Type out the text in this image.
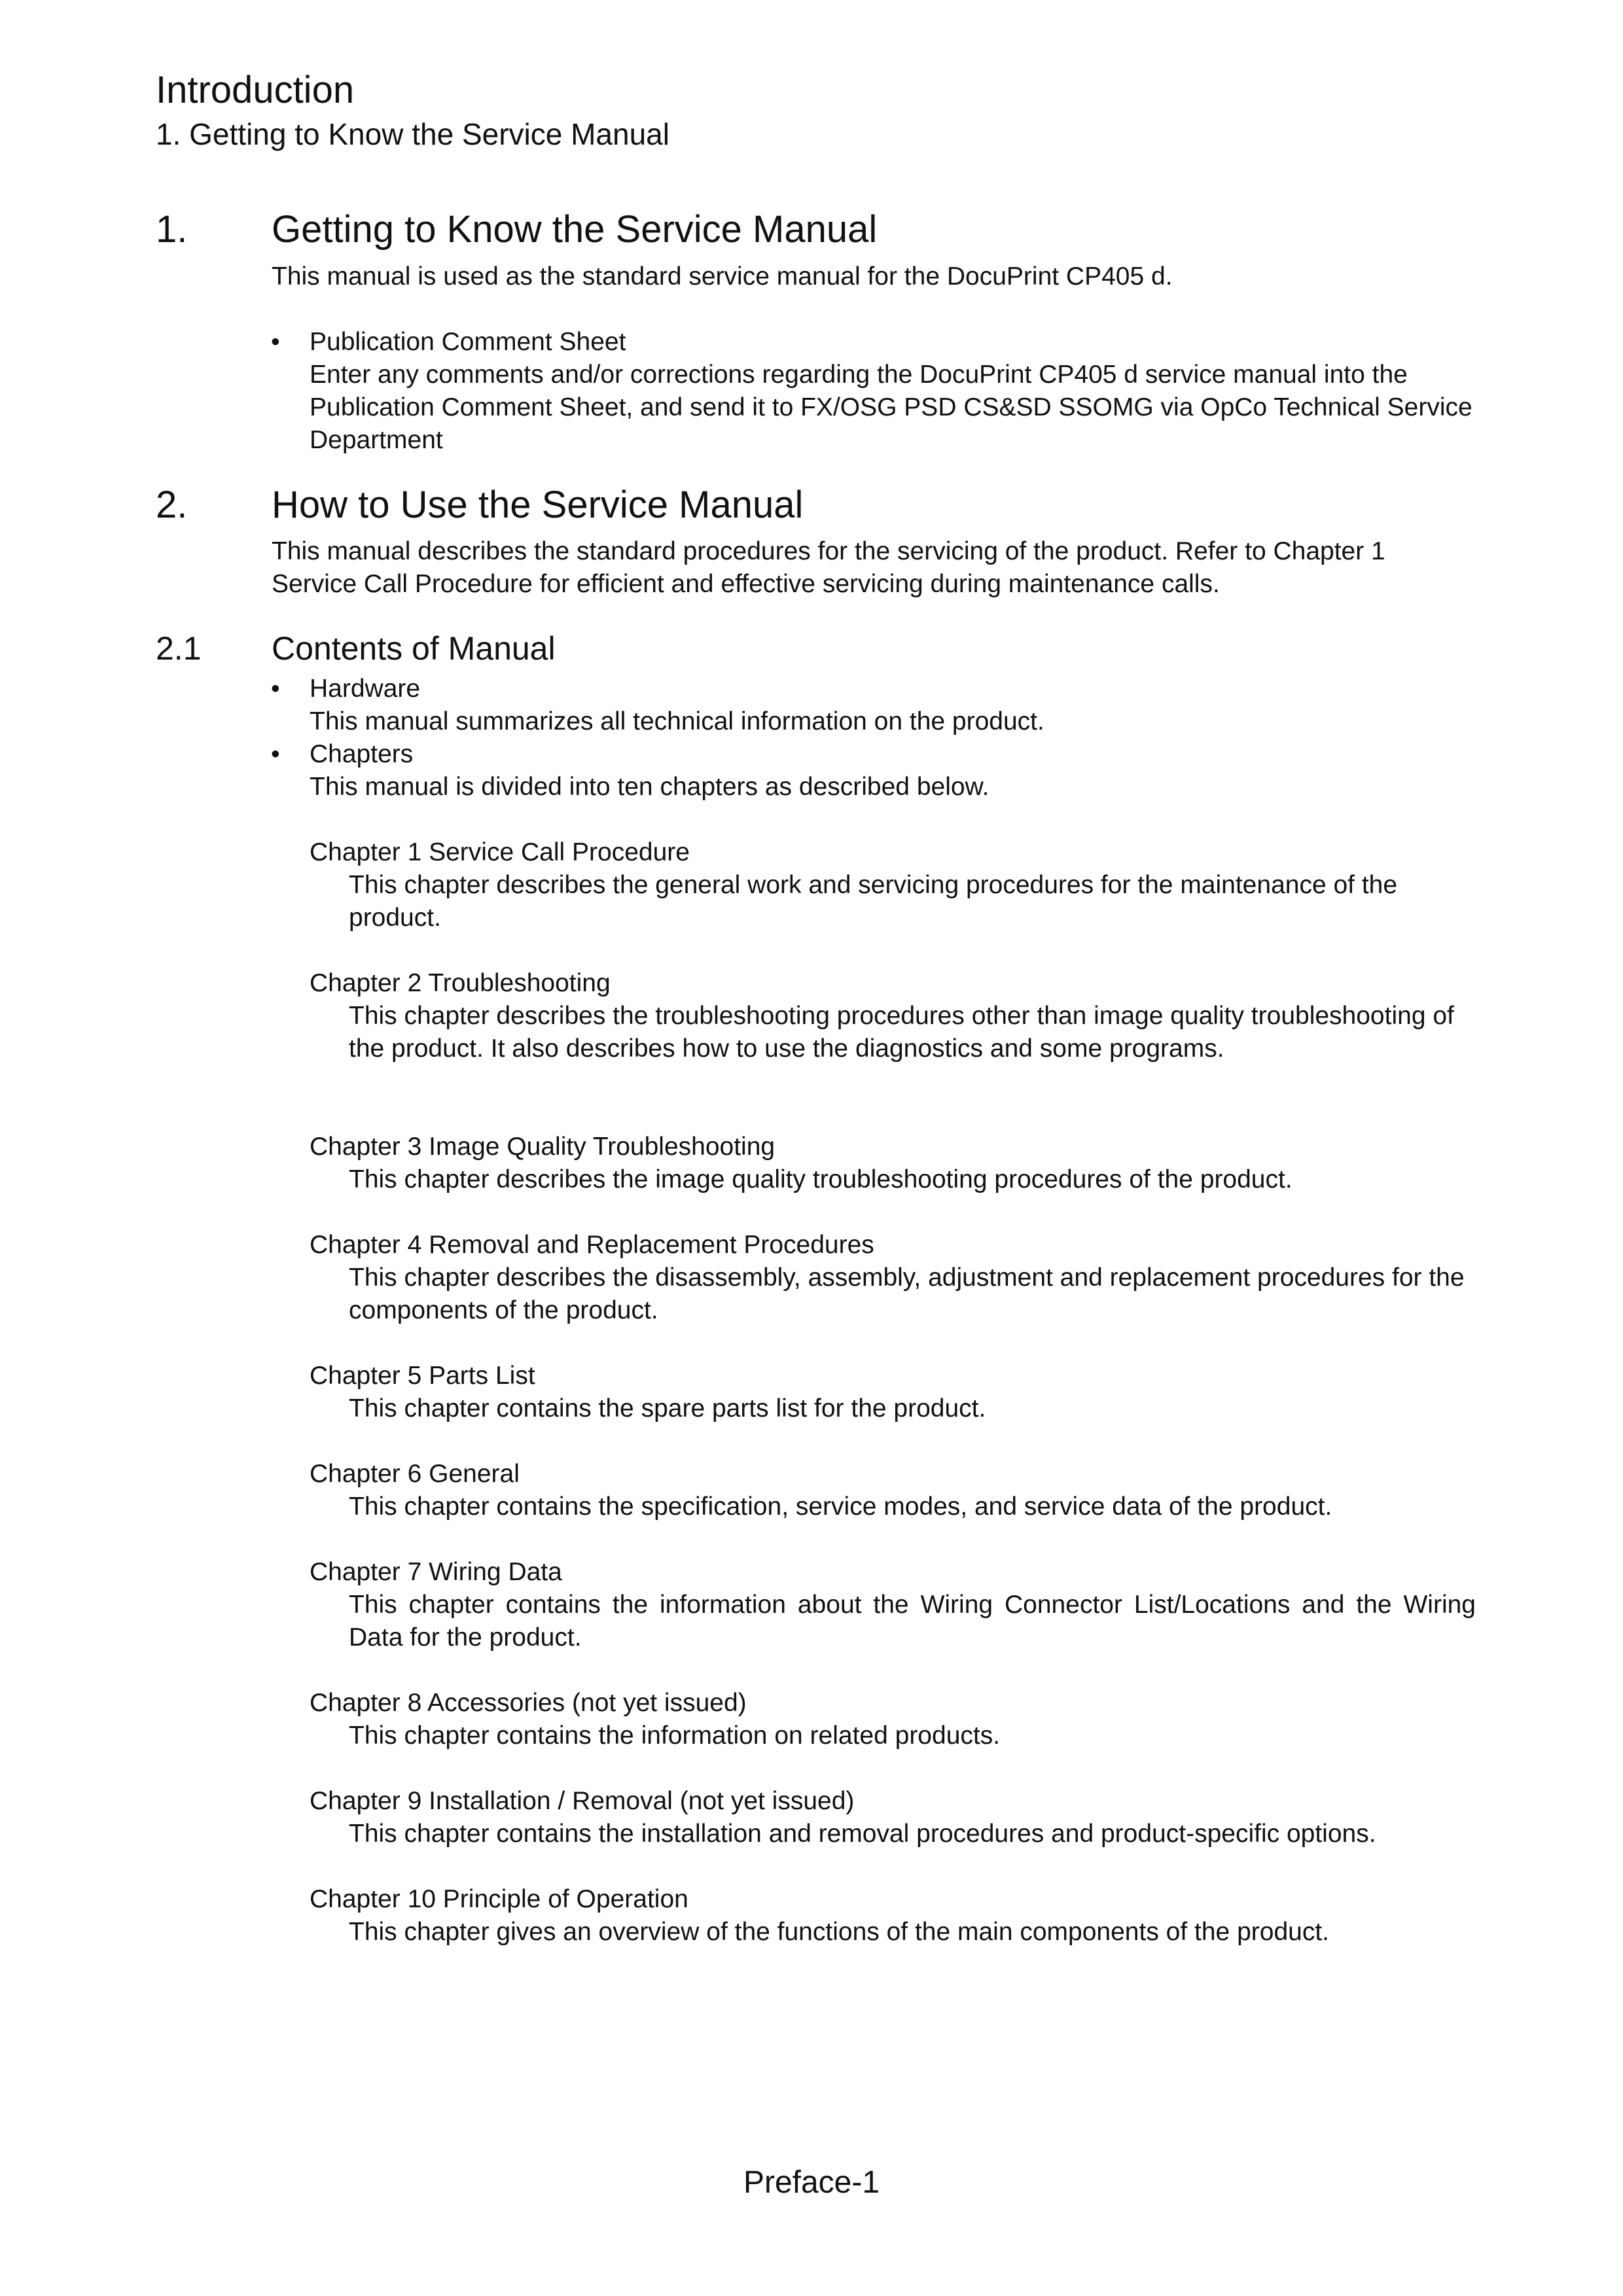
Introduction
1. Getting to Know the Service Manual
1. Getting to Know the Service Manual
This manual is used as the standard service manual for the DocuPrint CP405 d.
• Publication Comment Sheet
Enter any comments and/or corrections regarding the DocuPrint CP405 d service manual into the Publication Comment Sheet, and send it to FX/OSG PSD CS&SD SSOMG via OpCo Technical Service Department
2. How to Use the Service Manual
This manual describes the standard procedures for the servicing of the product. Refer to Chapter 1 Service Call Procedure for efficient and effective servicing during maintenance calls.
2.1 Contents of Manual
• Hardware
This manual summarizes all technical information on the product.
• Chapters
This manual is divided into ten chapters as described below.
Chapter 1 Service Call Procedure
This chapter describes the general work and servicing procedures for the maintenance of the product.
Chapter 2 Troubleshooting
This chapter describes the troubleshooting procedures other than image quality troubleshooting of the product. It also describes how to use the diagnostics and some programs.
Chapter 3 Image Quality Troubleshooting
This chapter describes the image quality troubleshooting procedures of the product.
Chapter 4 Removal and Replacement Procedures
This chapter describes the disassembly, assembly, adjustment and replacement procedures for the components of the product.
Chapter 5 Parts List
This chapter contains the spare parts list for the product.
Chapter 6 General
This chapter contains the specification, service modes, and service data of the product.
Chapter 7 Wiring Data
This chapter contains the information about the Wiring Connector List/Locations and the Wiring Data for the product.
Chapter 8 Accessories (not yet issued)
This chapter contains the information on related products.
Chapter 9 Installation / Removal (not yet issued)
This chapter contains the installation and removal procedures and product-specific options.
Chapter 10 Principle of Operation
This chapter gives an overview of the functions of the main components of the product.
Preface-1
